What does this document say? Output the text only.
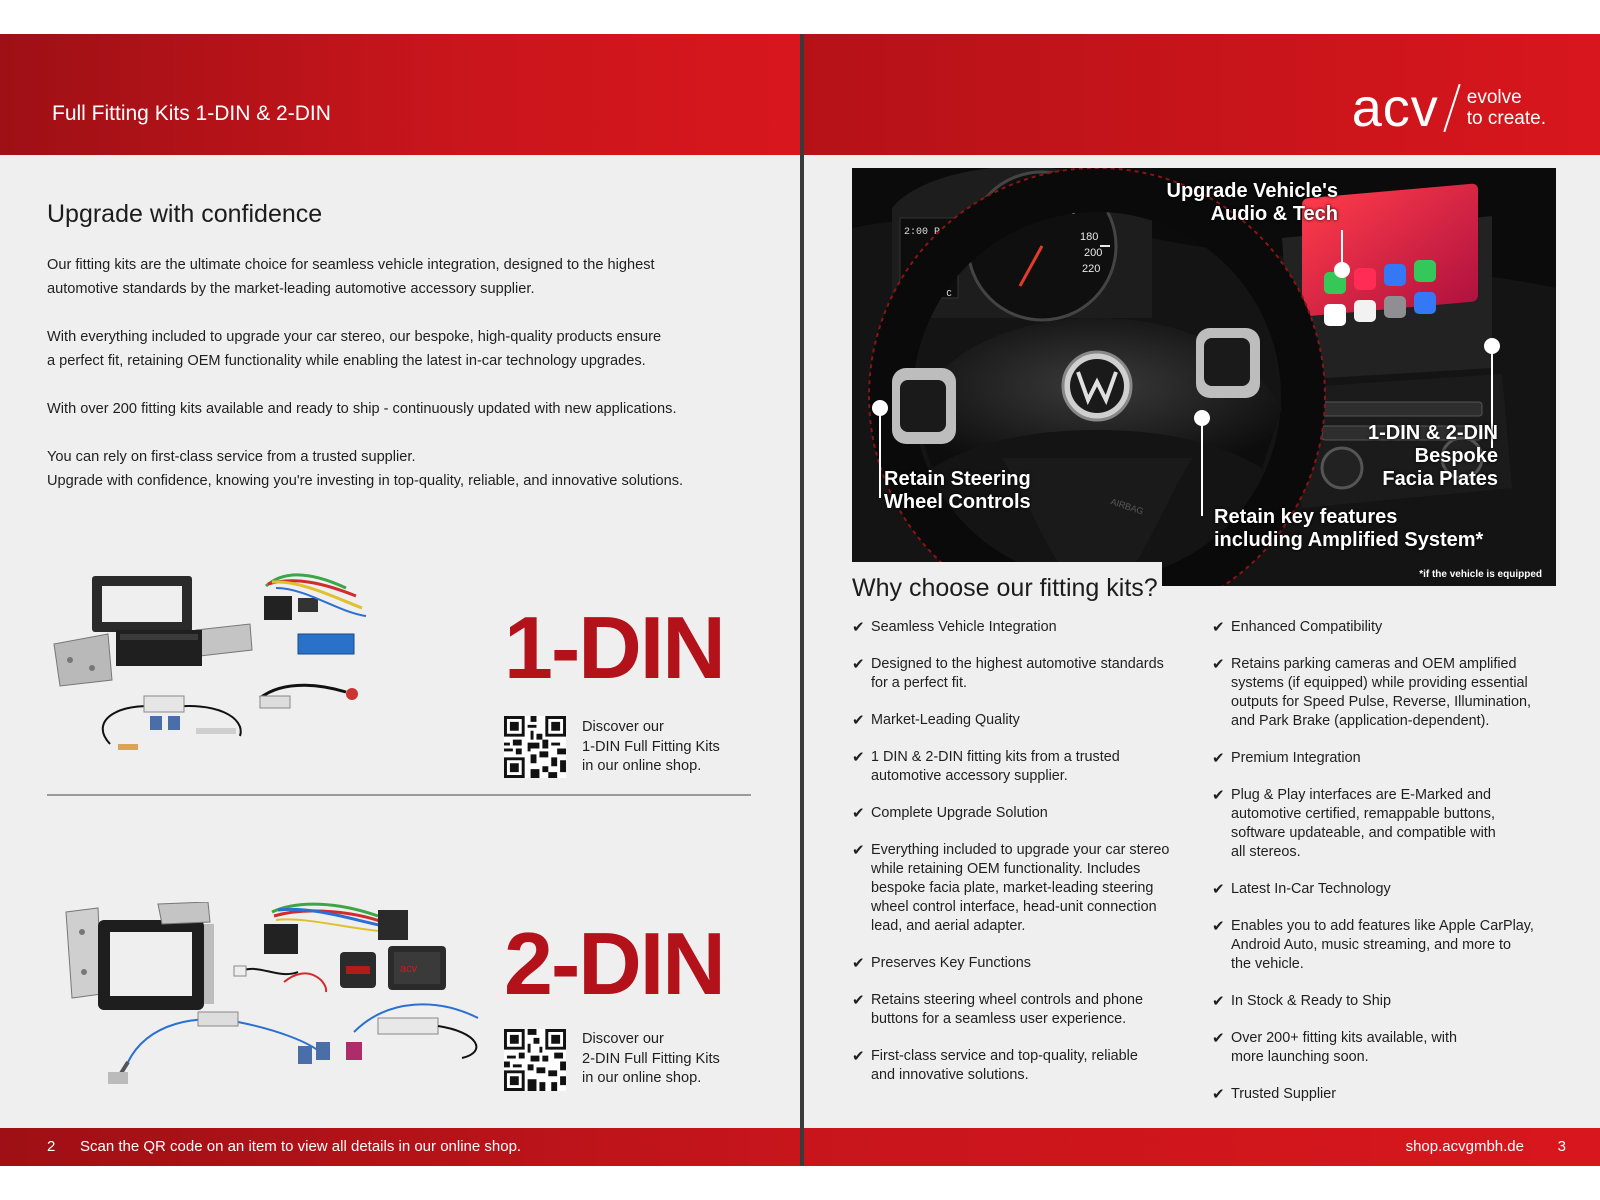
Full Fitting Kits 1-DIN & 2-DIN
Upgrade with confidence

Our fitting kits are the ultimate choice for seamless vehicle integration, designed to the highest
automotive standards by the market-leading automotive accessory supplier.

With everything included to upgrade your car stereo, our bespoke, high-quality products ensure
a perfect fit, retaining OEM functionality while enabling the latest in-car technology upgrades.

With over 200 fitting kits available and ready to ship - continuously updated with new applications.

You can rely on first-class service from a trusted supplier.
Upgrade with confidence, knowing you're investing in top-quality, reliable, and innovative solutions.

1-DIN
Discover our
1-DIN Full Fitting Kits
in our online shop.
acv 2-DIN
Discover our
2-DIN Full Fitting Kits
in our online shop.
2 Scan the QR code on an item to view all details in our online shop.
acv evolve
to create.
60
80
100 120
140
180
200
220
2:00 P
26.0 °C
AIRBAG
Upgrade Vehicle's
Audio & Tech
Retain Steering
Wheel Controls
1-DIN & 2-DIN
Bespoke
Facia Plates
Retain key features
including Amplified System*
*if the vehicle is equipped
Why choose our fitting kits?
✔ Seamless Vehicle Integration
✔ Designed to the highest automotive standards
for a perfect fit.
✔ Market-Leading Quality
✔ 1 DIN & 2-DIN fitting kits from a trusted
automotive accessory supplier.
✔ Complete Upgrade Solution
✔ Everything included to upgrade your car stereo
while retaining OEM functionality. Includes
bespoke facia plate, market-leading steering
wheel control interface, head-unit connection
lead, and aerial adapter.
✔ Preserves Key Functions
✔ Retains steering wheel controls and phone
buttons for a seamless user experience.
✔ First-class service and top-quality, reliable
and innovative solutions.
✔ Enhanced Compatibility
✔ Retains parking cameras and OEM amplified
systems (if equipped) while providing essential
outputs for Speed Pulse, Reverse, Illumination,
and Park Brake (application-dependent).
✔ Premium Integration
✔ Plug & Play interfaces are E-Marked and
automotive certified, remappable buttons,
software updateable, and compatible with
all stereos.
✔ Latest In-Car Technology
✔ Enables you to add features like Apple CarPlay,
Android Auto, music streaming, and more to
the vehicle.
✔ In Stock & Ready to Ship
✔ Over 200+ fitting kits available, with
more launching soon.
✔ Trusted Supplier
shop.acvgmbh.de 3
